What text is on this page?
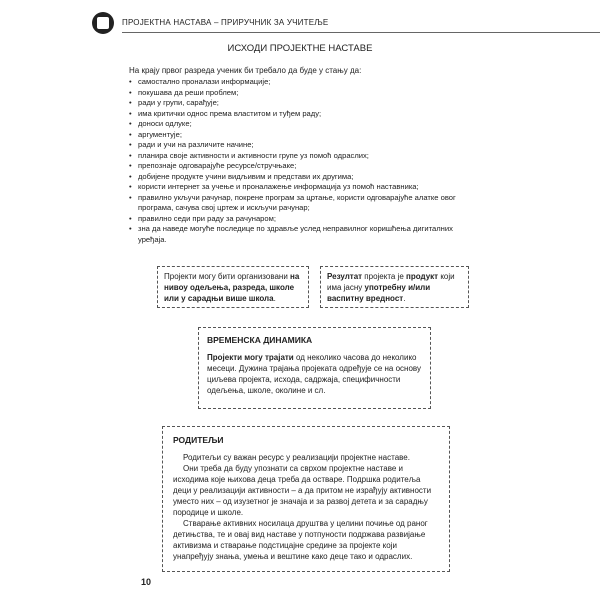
ПРОЈЕКТНА НАСТАВА – ПРИРУЧНИК ЗА УЧИТЕЉЕ
ИСХОДИ ПРОЈЕКТНЕ НАСТАВЕ
На крају првог разреда ученик би требало да буде у стању да:
• самостално проналази информације;
• покушава да реши проблем;
• ради у групи, сарађује;
• има критички однос према властитом и туђем раду;
• доноси одлуке;
• аргументује;
• ради и учи на различите начине;
• планира своје активности и активности групе уз помоћ одраслих;
• препознаје одговарајуће ресурсе/стручњаке;
• добијене продукте учини видљивим и представи их другима;
• користи интернет за учење и проналажење информација уз помоћ наставника;
• правилно укључи рачунар, покрене програм за цртање, користи одговарајуће алатке овог програма, сачува свој цртеж и искључи рачунар;
• правилно седи при раду за рачунаром;
• зна да наведе могуће последице по здравље услед неправилног коришћења дигиталних уређаја.

Пројекти могу бити организовани на нивоу одељења, разреда, школе или у сарадњи више школа.

Резултат пројекта је продукт који има јасну употребну и/или васпитну вредност.

ВРЕМЕНСКА ДИНАМИКА

Пројекти могу трајати од неколико часова до неколико месеци. Дужина трајања пројеката одређује се на основу циљева пројекта, исхода, садржаја, специфичности одељења, школе, околине и сл.

РОДИТЕЉИ

Родитељи су важан ресурс у реализацији пројектне наставе.

Они треба да буду упознати са сврхом пројектне наставе и исходима које њихова деца треба да остваре. Подршка родитеља деци у реализацији активности – а да притом не израђују активности уместо них – од изузетног је значаја и за развој детета и за сарадњу породице и школе.

Стварање активних носилаца друштва у целини почиње од раног детињства, те и овај вид наставе у потпуности подржава развијање активизма и стварање подстицајне средине за пројекте који унапређују знања, умења и вештине како деце тако и одраслих.

10
